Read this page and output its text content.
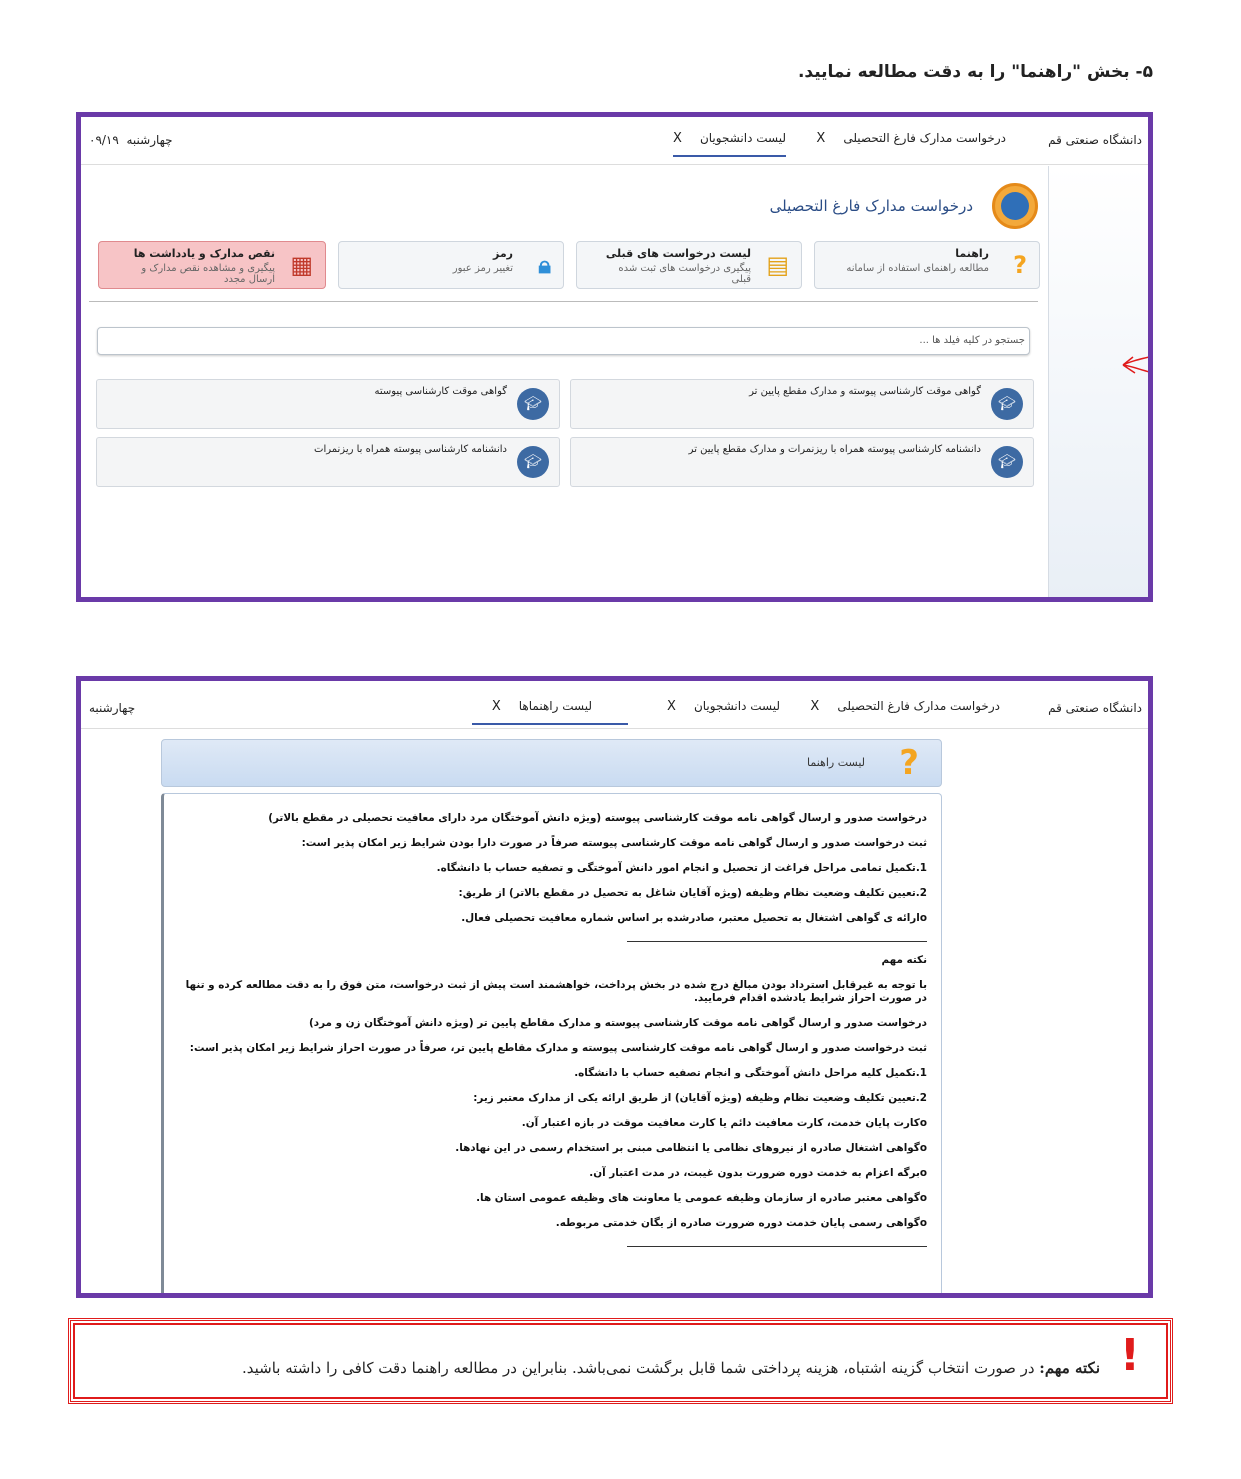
۵- بخش "راهنما" را به دقت مطالعه نمایید.
دانشگاه صنعتی قم
درخواست مدارک فارغ التحصیلیX
لیست دانشجویانX
چهارشنبه  ۰۹/۱۹
درخواست مدارک فارغ التحصیلی
?
راهنما
مطالعه راهنمای استفاده از سامانه
▤
لیست درخواست های قبلی
پیگیری درخواست های ثبت شده قبلی
🔒︎
رمز
تغییر رمز عبور
▦
نقص مدارک و یادداشت ها
پیگیری و مشاهده نقص مدارک و ارسال مجدد
جستجو در کلیه فیلد ها ...
🎓︎
گواهی موقت کارشناسی پیوسته و مدارک مقطع پایین تر
🎓︎
گواهی موقت کارشناسی پیوسته
🎓︎
دانشنامه کارشناسی پیوسته همراه با ریزنمرات و مدارک مقطع پایین تر
🎓︎
دانشنامه کارشناسی پیوسته همراه با ریزنمرات
دانشگاه صنعتی قم
درخواست مدارک فارغ التحصیلیX
لیست دانشجویانX
لیست راهنماهاX
چهارشنبه
?
لیست راهنما

درخواست صدور و ارسال گواهی نامه موقت کارشناسی پیوسته (ویژه دانش آموختگان مرد دارای معافیت تحصیلی در مقطع بالاتر)

ثبت درخواست صدور و ارسال گواهی نامه موقت کارشناسی پیوسته صرفاً در صورت دارا بودن شرایط زیر امکان پذیر است:

1.تکمیل تمامی مراحل فراغت از تحصیل و انجام امور دانش آموختگی و تصفیه حساب با دانشگاه.

2.تعیین تکلیف وضعیت نظام وظیفه (ویژه آقایان شاغل به تحصیل در مقطع بالاتر) از طریق:

oارائه ی گواهی اشتغال به تحصیل معتبر، صادرشده بر اساس شماره معافیت تحصیلی فعال.

نکته مهم

با توجه به غیرقابل استرداد بودن مبالغ درج شده در بخش پرداخت، خواهشمند است پیش از ثبت درخواست، متن فوق را به دقت مطالعه کرده و تنها در صورت احراز شرایط یادشده اقدام فرمایید.

درخواست صدور و ارسال گواهی نامه موقت کارشناسی پیوسته و مدارک مقاطع پایین تر (ویژه دانش آموختگان زن و مرد)

ثبت درخواست صدور و ارسال گواهی نامه موقت کارشناسی پیوسته و مدارک مقاطع پایین تر، صرفاً در صورت احراز شرایط زیر امکان پذیر است:

1.تکمیل کلیه مراحل دانش آموختگی و انجام تصفیه حساب با دانشگاه.

2.تعیین تکلیف وضعیت نظام وظیفه (ویژه آقایان) از طریق ارائه یکی از مدارک معتبر زیر:

oکارت پایان خدمت، کارت معافیت دائم یا کارت معافیت موقت در بازه اعتبار آن.

oگواهی اشتغال صادره از نیروهای نظامی یا انتظامی مبنی بر استخدام رسمی در این نهادها.

oبرگه اعزام به خدمت دوره ضرورت بدون غیبت، در مدت اعتبار آن.

oگواهی معتبر صادره از سازمان وظیفه عمومی یا معاونت های وظیفه عمومی استان ها.

oگواهی رسمی پایان خدمت دوره ضرورت صادره از یگان خدمتی مربوطه.

!
نکته مهم: در صورت انتخاب گزینه اشتباه، هزینه پرداختی شما قابل برگشت نمی‌باشد. بنابراین در مطالعه راهنما دقت کافی را داشته باشید.
